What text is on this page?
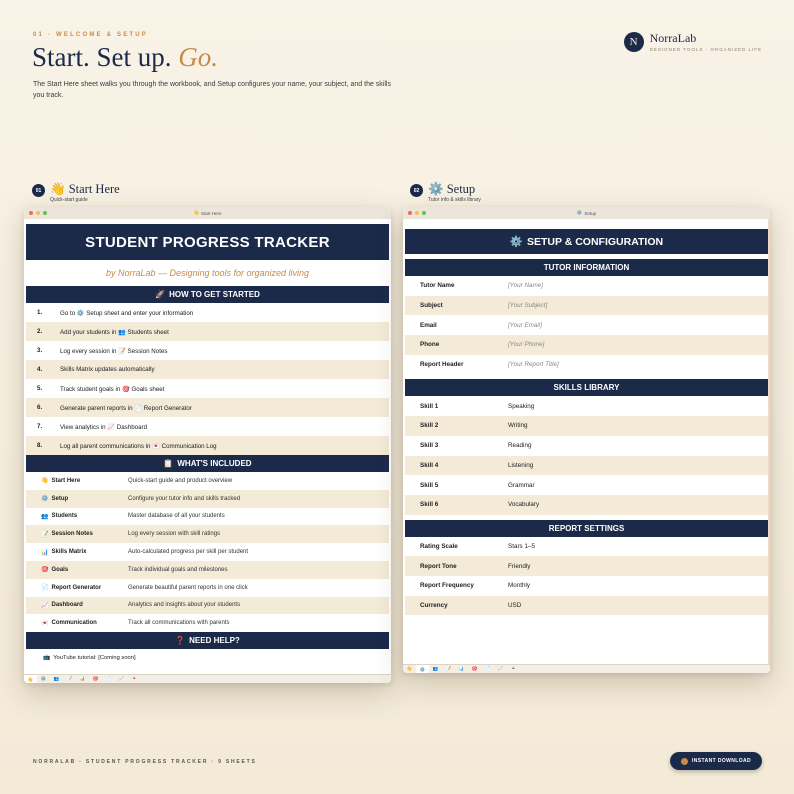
01 · WELCOME & SETUP
Start. Set up. Go.
The Start Here sheet walks you through the workbook, and Setup configures your name, your subject, and the skills you track.
N	NorraLab
DESIGNED TOOLS · ORGANIZED LIFE
01 👋 Start Here
Quick-start guide
02 ⚙️ Setup
Tutor info & skills library
👋 Start Here
STUDENT PROGRESS TRACKER
by NorraLab — Designing tools for organized living
🚀 HOW TO GET STARTED
1.	Go to ⚙️ Setup sheet and enter your information
2.	Add your students in 👥 Students sheet
3.	Log every session in 📝 Session Notes
4.	Skills Matrix updates automatically
5.	Track student goals in 🎯 Goals sheet
6.	Generate parent reports in 📄 Report Generator
7.	View analytics in 📈 Dashboard
8.	Log all parent communications in 💌 Communication Log
📋 WHAT'S INCLUDED
👋 Start Here	Quick-start guide and product overview
⚙️ Setup	Configure your tutor info and skills tracked
👥 Students	Master database of all your students
📝 Session Notes	Log every session with skill ratings
📊 Skills Matrix	Auto-calculated progress per skill per student
🎯 Goals	Track individual goals and milestones
📄 Report Generator	Generate beautiful parent reports in one click
📈 Dashboard	Analytics and insights about your students
💌 Communication	Track all communications with parents
❓ NEED HELP?
📺 YouTube tutorial: [Coming soon]
👋	⚙️	👥	📝	📊	🎯	📄	📈	💌
⚙️ Setup
⚙️ SETUP & CONFIGURATION
TUTOR INFORMATION
Tutor Name	[Your Name]
Subject	[Your Subject]
Email	[Your Email]
Phone	[Your Phone]
Report Header	[Your Report Title]
SKILLS LIBRARY
Skill 1	Speaking
Skill 2	Writing
Skill 3	Reading
Skill 4	Listening
Skill 5	Grammar
Skill 6	Vocabulary
REPORT SETTINGS
Rating Scale	Stars 1–5
Report Tone	Friendly
Report Frequency	Monthly
Currency	USD
👋	⚙️	👥	📝	📊	🎯	📄	📈	💌
NORRALAB · STUDENT PROGRESS TRACKER · 9 SHEETS	INSTANT DOWNLOAD
